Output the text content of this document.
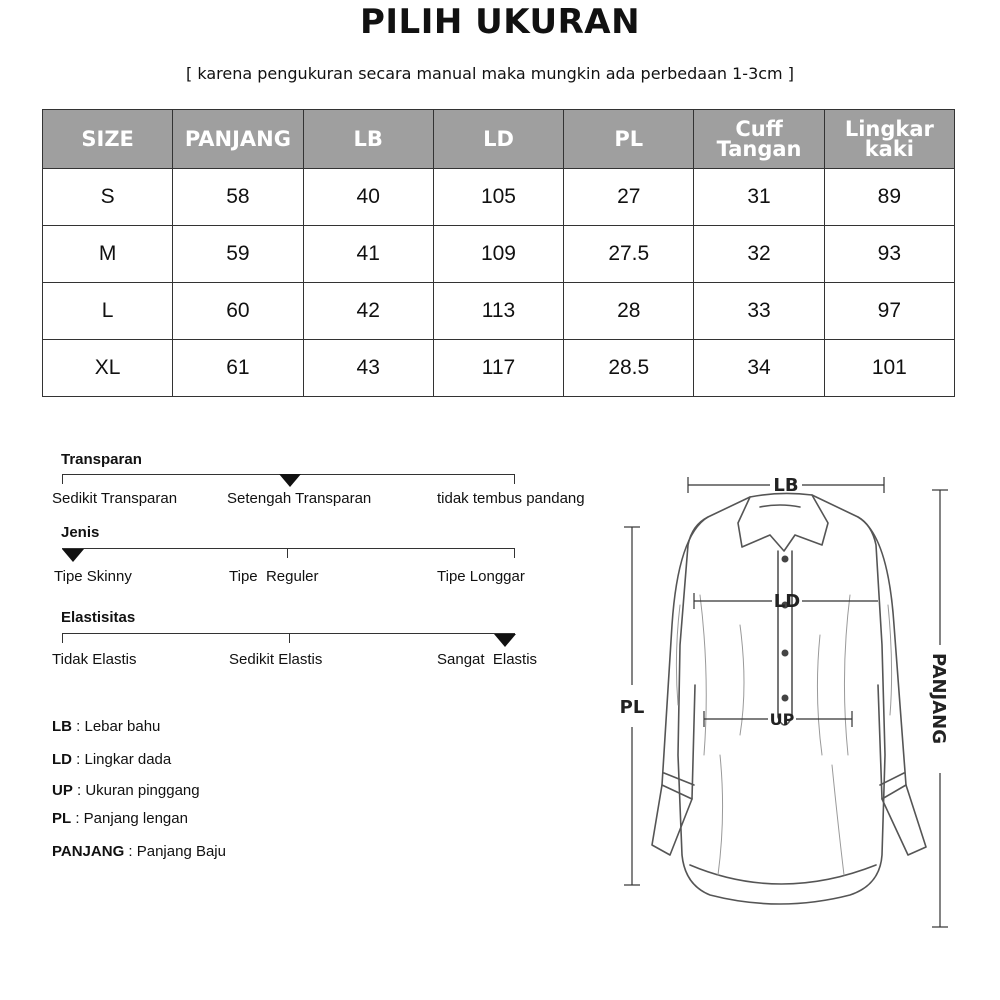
PILIH UKURAN
[ karena pengukuran secara manual maka mungkin ada perbedaan 1-3cm ]
SIZE	PANJANG	LB	LD	PL	Cuff Tangan	Lingkar kaki
S	58	40	105	27	31	89
M	59	41	109	27.5	32	93
L	60	42	113	28	33	97
XL	61	43	117	28.5	34	101
Transparan
Sedikit Transparan	Setengah Transparan	tidak tembus pandang
Jenis
Tipe Skinny	Tipe  Reguler	Tipe Longgar
Elastisitas
Tidak Elastis	Sedikit Elastis	Sangat  Elastis
LB : Lebar bahu
LD : Lingkar dada
UP : Ukuran pinggang
PL : Panjang lengan
PANJANG : Panjang Baju
LB
LD
UP
PL	PANJANG
